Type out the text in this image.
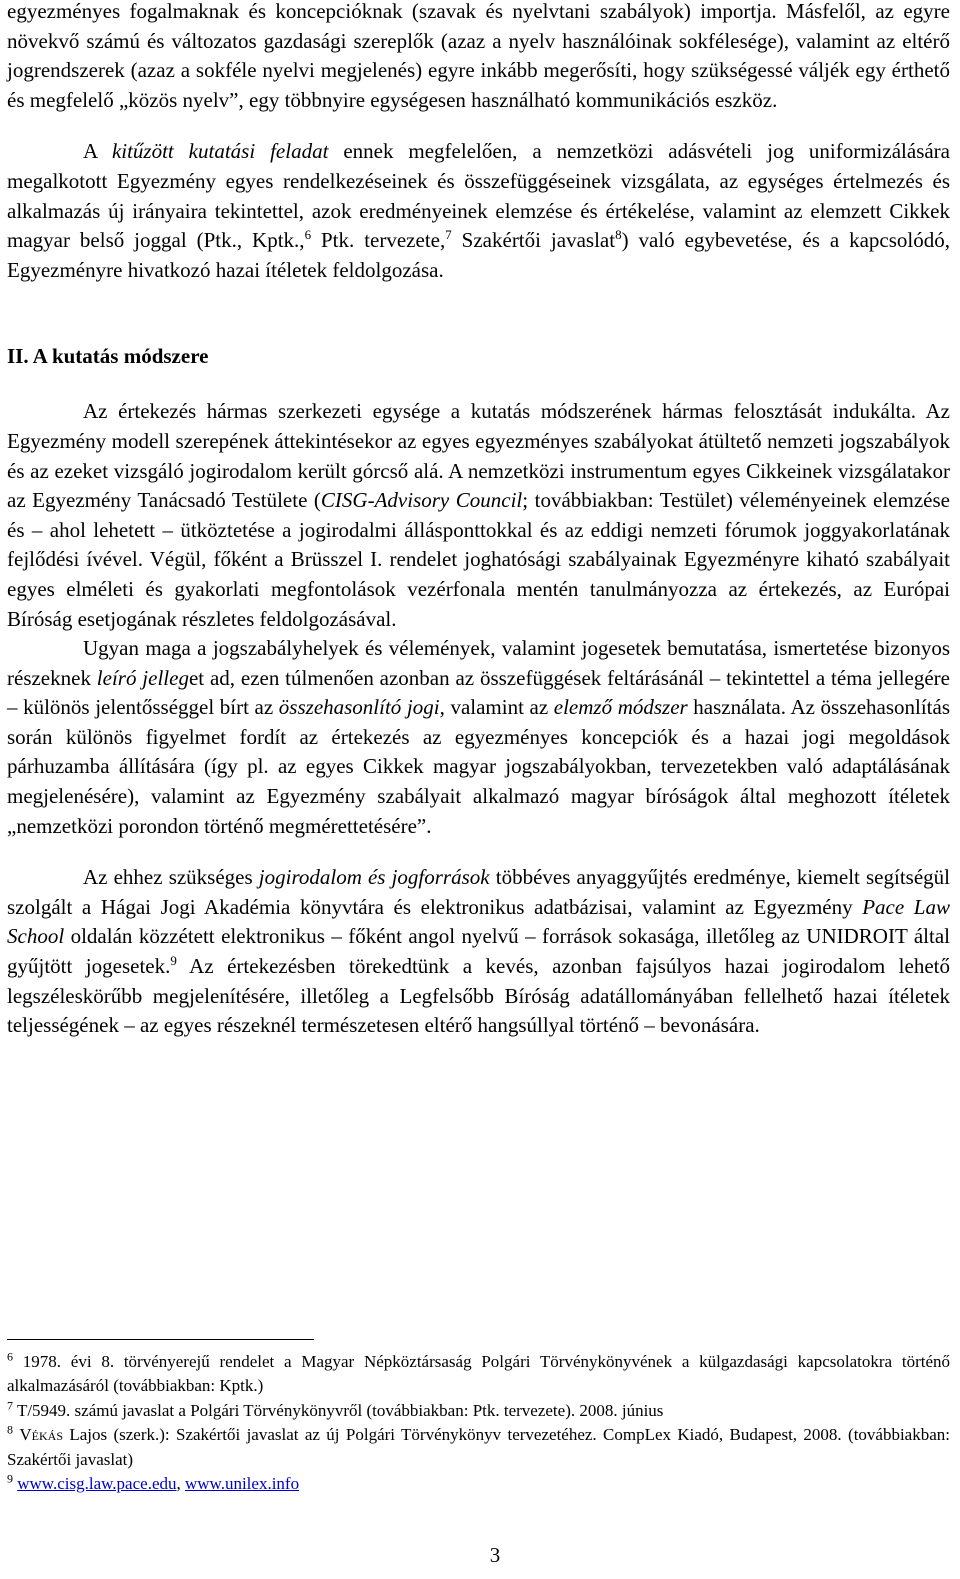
egyezményes fogalmaknak és koncepcióknak (szavak és nyelvtani szabályok) importja. Másfelől, az egyre növekvő számú és változatos gazdasági szereplők (azaz a nyelv használóinak sokfélesége), valamint az eltérő jogrendszerek (azaz a sokféle nyelvi megjelenés) egyre inkább megerősíti, hogy szükségessé váljék egy érthető és megfelelő „közös nyelv”, egy többnyire egységesen használható kommunikációs eszköz.

A kitűzött kutatási feladat ennek megfelelően, a nemzetközi adásvételi jog uniformizálására megalkotott Egyezmény egyes rendelkezéseinek és összefüggéseinek vizsgálata, az egységes értelmezés és alkalmazás új irányaira tekintettel, azok eredményeinek elemzése és értékelése, valamint az elemzett Cikkek magyar belső joggal (Ptk., Kptk.,$^6$ Ptk. tervezete,$^7$ Szakértői javaslat$^8$) való egybevetése, és a kapcsolódó, Egyezményre hivatkozó hazai ítéletek feldolgozása.

II. A kutatás módszere

Az értekezés hármas szerkezeti egysége a kutatás módszerének hármas felosztását indukálta. Az Egyezmény modell szerepének áttekintésekor az egyes egyezményes szabályokat átültető nemzeti jogszabályok és az ezeket vizsgáló jogirodalom került górcső alá. A nemzetközi instrumentum egyes Cikkeinek vizsgálatakor az Egyezmény Tanácsadó Testülete (CISG-Advisory Council; továbbiakban: Testület) véleményeinek elemzése és – ahol lehetett – ütköztetése a jogirodalmi állásponttokkal és az eddigi nemzeti fórumok joggyakorlatának fejlődési ívével. Végül, főként a Brüsszel I. rendelet joghatósági szabályainak Egyezményre kiható szabályait egyes elméleti és gyakorlati megfontolások vezérfonala mentén tanulmányozza az értekezés, az Európai Bíróság esetjogának részletes feldolgozásával.

Ugyan maga a jogszabályhelyek és vélemények, valamint jogesetek bemutatása, ismertetése bizonyos részeknek leíró jelleget ad, ezen túlmenően azonban az összefüggések feltárásánál – tekintettel a téma jellegére – különös jelentősséggel bírt az összehasonlító jogi, valamint az elemző módszer használata. Az összehasonlítás során különös figyelmet fordít az értekezés az egyezményes koncepciók és a hazai jogi megoldások párhuzamba állítására (így pl. az egyes Cikkek magyar jogszabályokban, tervezetekben való adaptálásának megjelenésére), valamint az Egyezmény szabályait alkalmazó magyar bíróságok által meghozott ítéletek „nemzetközi porondon történő megmérettetésére”.

Az ehhez szükséges jogirodalom és jogforrások többéves anyaggyűjtés eredménye, kiemelt segítségül szolgált a Hágai Jogi Akadémia könyvtára és elektronikus adatbázisai, valamint az Egyezmény Pace Law School oldalán közzétett elektronikus – főként angol nyelvű – források sokasága, illetőleg az UNIDROIT által gyűjtött jogesetek.$^9$ Az értekezésben törekedtünk a kevés, azonban fajsúlyos hazai jogirodalom lehető legszéleskörűbb megjelenítésére, illetőleg a Legfelsőbb Bíróság adatállományában fellelhető hazai ítéletek teljességének – az egyes részeknél természetesen eltérő hangsúllyal történő – bevonására.

$^6$ 1978. évi 8. törvényerejű rendelet a Magyar Népköztársaság Polgári Törvénykönyvének a külgazdasági kapcsolatokra történő alkalmazásáról (továbbiakban: Kptk.)

$^7$ T/5949. számú javaslat a Polgári Törvénykönyvről (továbbiakban: Ptk. tervezete). 2008. június

$^8$ Vékás Lajos (szerk.): Szakértői javaslat az új Polgári Törvénykönyv tervezetéhez. CompLex Kiadó, Budapest, 2008. (továbbiakban: Szakértői javaslat)

$^9$ www.cisg.law.pace.edu, www.unilex.info

3
